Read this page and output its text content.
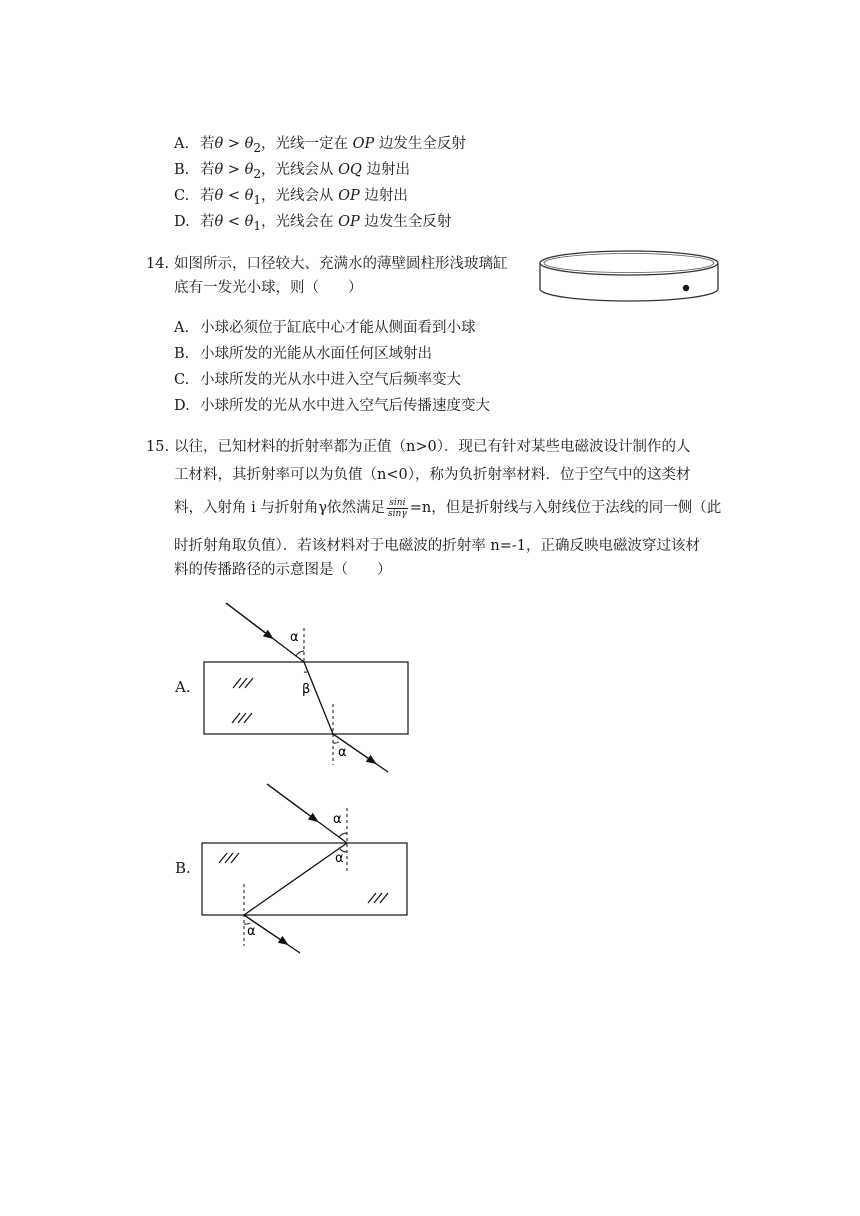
A. 若$\theta > \theta_2$，光线一定在 OP 边发生全反射
B. 若$\theta > \theta_2$，光线会从 OQ 边射出
C. 若$\theta < \theta_1$，光线会从 OP 边射出
D. 若$\theta < \theta_1$，光线会在 OP 边发生全反射
14. 如图所示，口径较大、充满水的薄壁圆柱形浅玻璃缸
底有一发光小球，则（　　）
A. 小球必须位于缸底中心才能从侧面看到小球
B. 小球所发的光能从水面任何区域射出
C. 小球所发的光从水中进入空气后频率变大
D. 小球所发的光从水中进入空气后传播速度变大
15. 以往，已知材料的折射率都为正值（n>0）．现已有针对某些电磁波设计制作的人
工材料，其折射率可以为负值（n<0），称为负折射率材料．位于空气中的这类材
料，入射角 i 与折射角γ依然满足 $\frac{\sin i}{\sin\gamma} =n$，但是折射线与入射线位于法线的同一侧（此
时折射角取负值）．若该材料对于电磁波的折射率 n=-1，正确反映电磁波穿过该材
料的传播路径的示意图是（　　）
A.
α
β
α
B.
α
α
α
